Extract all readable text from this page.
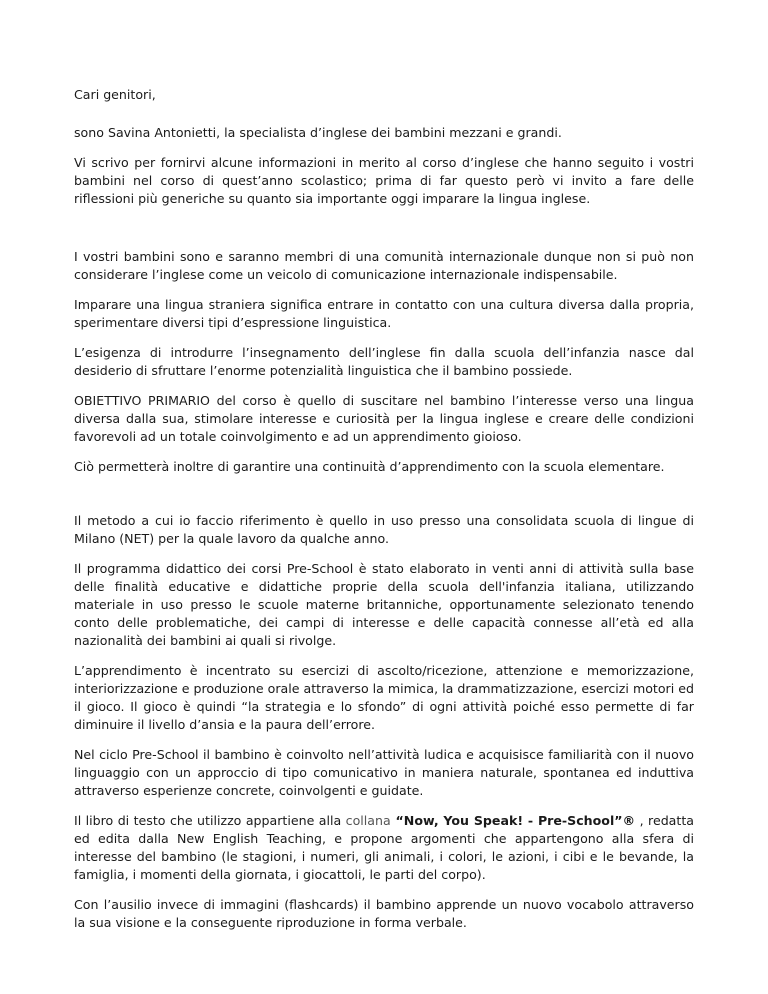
Cari genitori,

sono Savina Antonietti, la specialista d’inglese dei bambini mezzani e grandi.

Vi scrivo per fornirvi alcune informazioni in merito al corso d’inglese che hanno seguito i vostri bambini nel corso di quest’anno scolastico; prima di far questo però vi invito a fare delle riflessioni più generiche su quanto sia importante oggi imparare la lingua inglese.

I vostri bambini sono e saranno membri di una comunità internazionale dunque non si può non considerare l’inglese come un veicolo di comunicazione internazionale indispensabile.

Imparare una lingua straniera significa entrare in contatto con una cultura diversa dalla propria, sperimentare diversi tipi d’espressione linguistica.

L’esigenza di introdurre l’insegnamento dell’inglese fin dalla scuola dell’infanzia nasce dal desiderio di sfruttare l’enorme potenzialità linguistica che il bambino possiede.

OBIETTIVO PRIMARIO del corso è quello di suscitare nel bambino l’interesse verso una lingua diversa dalla sua, stimolare interesse e curiosità per la lingua inglese e creare delle condizioni favorevoli ad un totale coinvolgimento e ad un apprendimento gioioso.

Ciò permetterà inoltre di garantire una continuità d’apprendimento con la scuola elementare.

Il metodo a cui io faccio riferimento è quello in uso presso una consolidata scuola di lingue di Milano (NET) per la quale lavoro da qualche anno.

Il programma didattico dei corsi Pre-School è stato elaborato in venti anni di attività sulla base delle finalità educative e didattiche proprie della scuola dell'infanzia italiana, utilizzando materiale in uso presso le scuole materne britanniche, opportunamente selezionato tenendo conto delle problematiche, dei campi di interesse e delle capacità connesse all’età ed alla nazionalità dei bambini ai quali si rivolge.

L’apprendimento è incentrato su esercizi di ascolto/ricezione, attenzione e memorizzazione, interiorizzazione e produzione orale attraverso la mimica, la drammatizzazione, esercizi motori ed il gioco. Il gioco è quindi “la strategia e lo sfondo” di ogni attività poiché esso permette di far diminuire il livello d’ansia e la paura dell’errore.

Nel ciclo Pre-School il bambino è coinvolto nell’attività ludica e acquisisce familiarità con il nuovo linguaggio con un approccio di tipo comunicativo in maniera naturale, spontanea ed induttiva attraverso esperienze concrete, coinvolgenti e guidate.

Il libro di testo che utilizzo appartiene alla collana “Now, You Speak! - Pre-School”® , redatta ed edita dalla New English Teaching, e propone argomenti che appartengono alla sfera di interesse del bambino (le stagioni, i numeri, gli animali, i colori, le azioni, i cibi e le bevande, la famiglia, i momenti della giornata, i giocattoli, le parti del corpo).

Con l’ausilio invece di immagini (flashcards) il bambino apprende un nuovo vocabolo attraverso la sua visione e la conseguente riproduzione in forma verbale.
